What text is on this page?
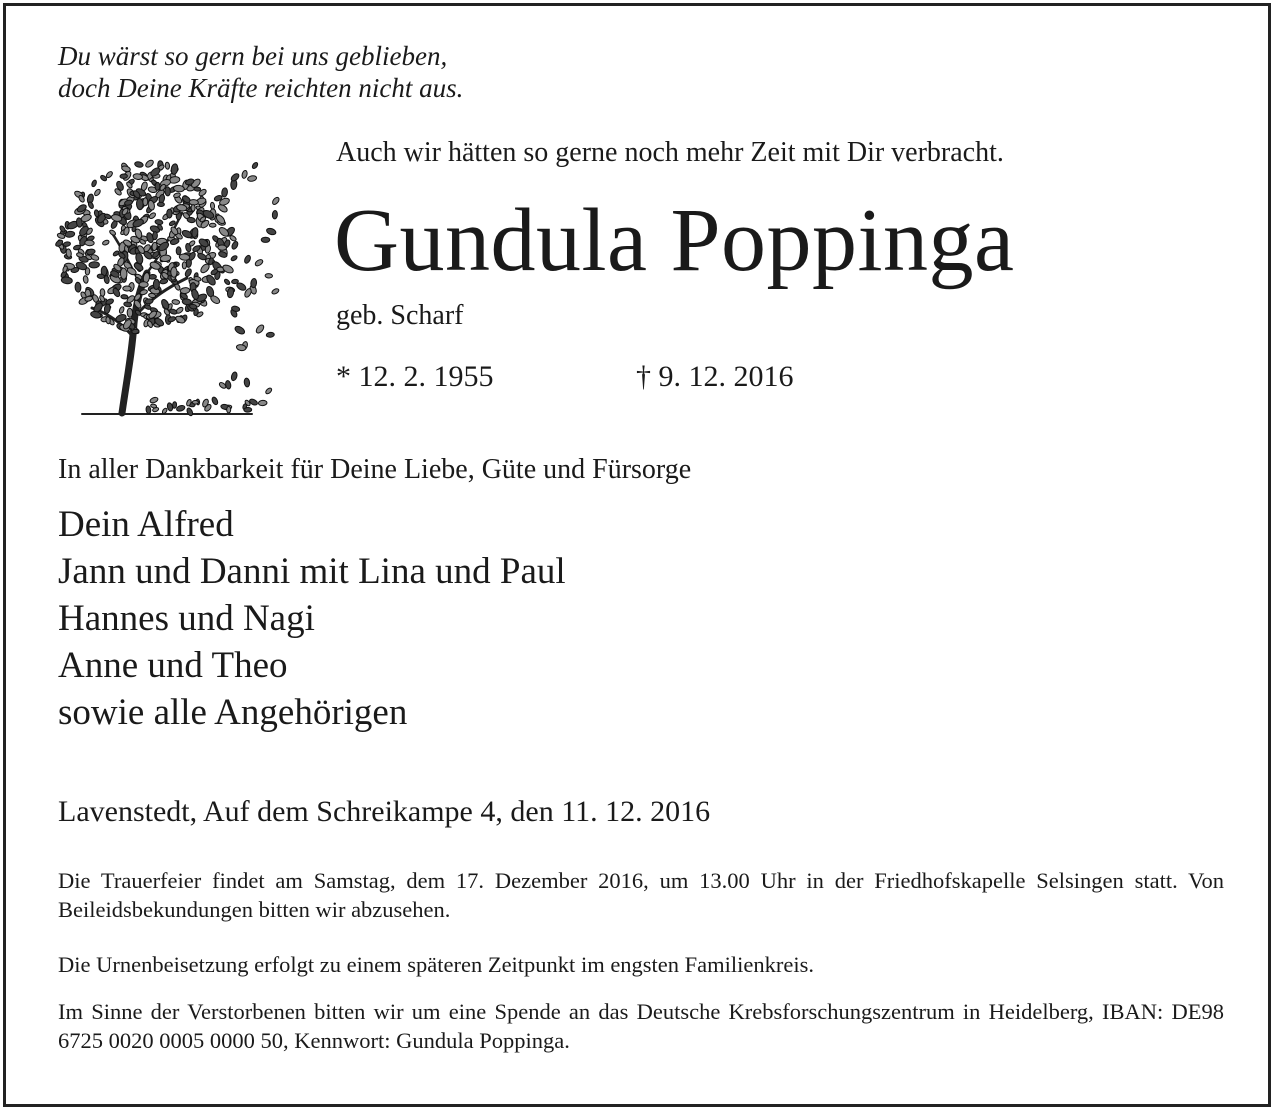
Du wärst so gern bei uns geblieben,
doch Deine Kräfte reichten nicht aus.
Auch wir hätten so gerne noch mehr Zeit mit Dir verbracht.
Gundula Poppinga
geb. Scharf
* 12. 2. 1955	† 9. 12. 2016
In aller Dankbarkeit für Deine Liebe, Güte und Fürsorge
Dein Alfred
Jann und Danni mit Lina und Paul
Hannes und Nagi
Anne und Theo
sowie alle Angehörigen
Lavenstedt, Auf dem Schreikampe 4, den 11. 12. 2016

Die Trauerfeier findet am Samstag, dem 17. Dezember 2016, um 13.00 Uhr in der Friedhofskapelle Selsingen statt. Von Beileidsbekundungen bitten wir abzusehen.

Die Urnenbeisetzung erfolgt zu einem späteren Zeitpunkt im engsten Familienkreis.

Im Sinne der Verstorbenen bitten wir um eine Spende an das Deutsche Krebsforschungszentrum in Heidelberg, IBAN: DE98 6725 0020 0005 0000 50, Kennwort: Gundula Poppinga.
